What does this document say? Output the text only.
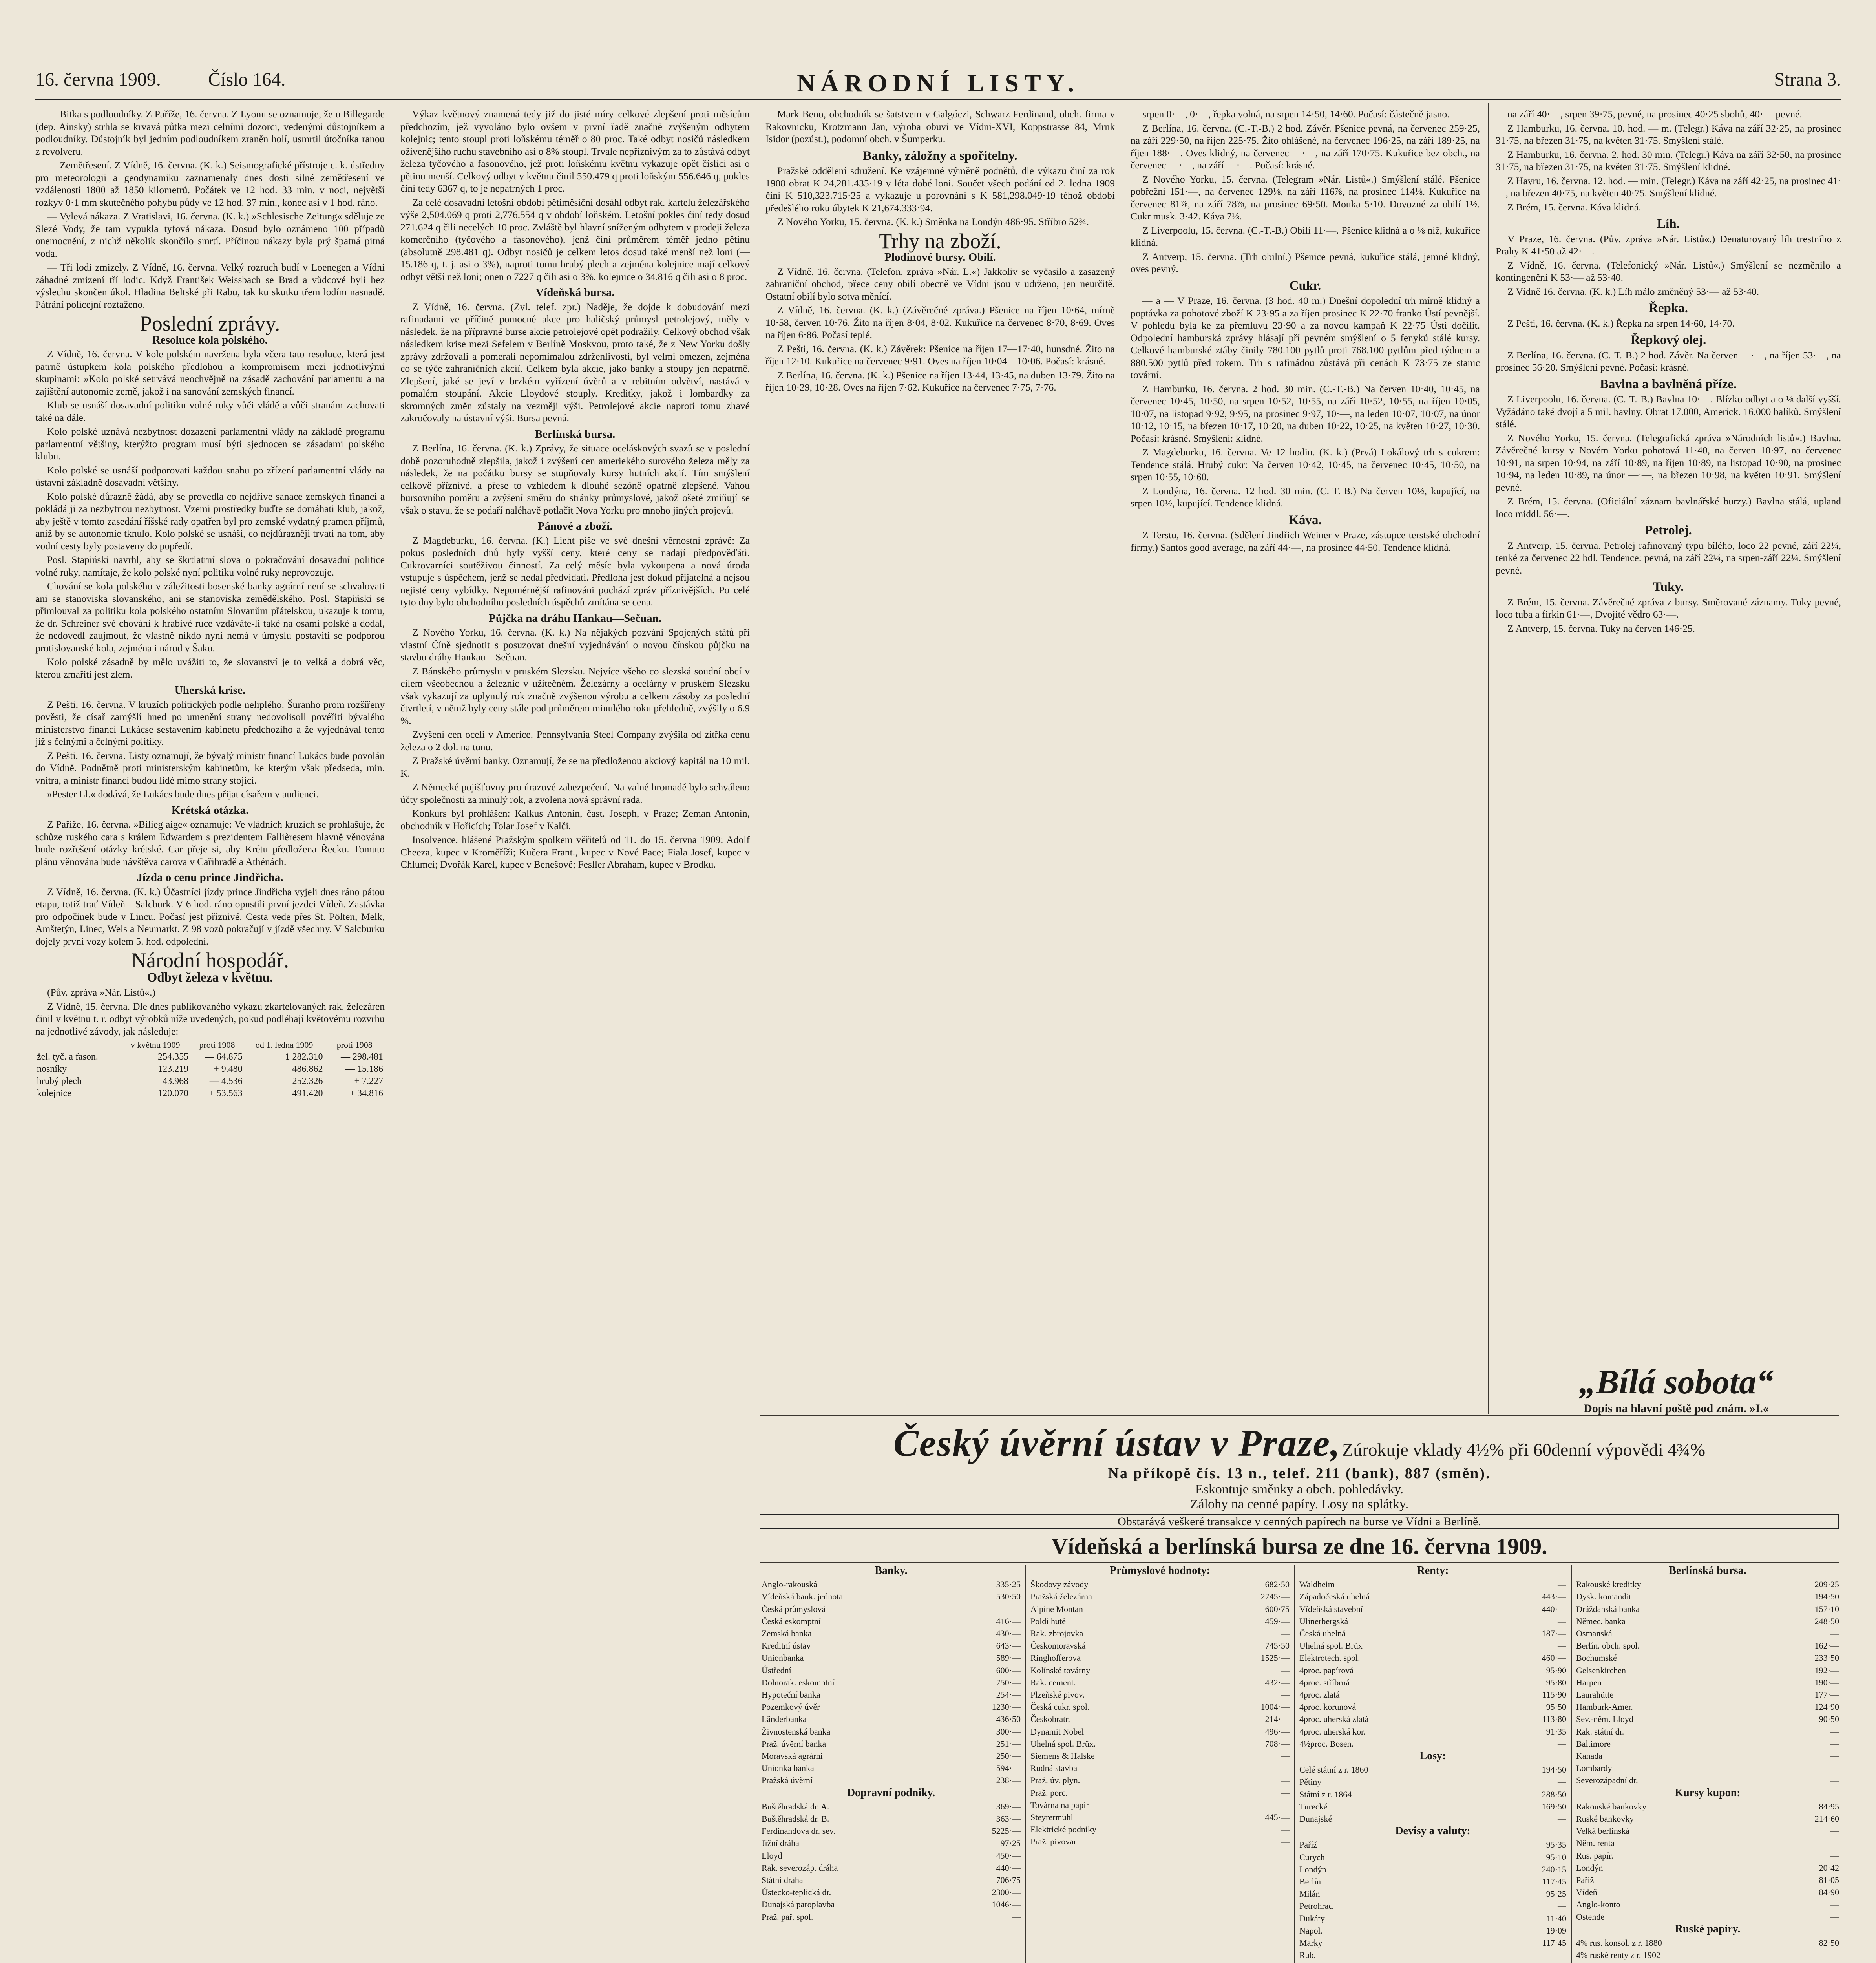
16. června 1909.	Číslo 164.	NÁRODNÍ LISTY.	Strana 3.

— Bitka s podloudníky. Z Paříže, 16. června. Z Lyonu se oznamuje, že u Billegarde (dep. Ainsky) strhla se krvavá půtka mezi celními dozorci, vedenými důstojníkem a podloudníky. Důstojník byl jedním podloudníkem zraněn holí, usmrtil útočníka ranou z revolveru.

— Zemětřesení. Z Vídně, 16. června. (K. k.) Seismografické přístroje c. k. ústředny pro meteorologii a geodynamiku zaznamenaly dnes dosti silné zemětřesení ve vzdálenosti 1800 až 1850 kilometrů. Počátek ve 12 hod. 33 min. v noci, největší rozkyv 0·1 mm skutečného pohybu půdy ve 12 hod. 37 min., konec asi v 1 hod. ráno.

— Vylevá nákaza. Z Vratislavi, 16. června. (K. k.) »Schlesische Zeitung« sděluje ze Slezé Vody, že tam vypukla tyfová nákaza. Dosud bylo oznámeno 100 případů onemocnění, z nichž několik skončilo smrtí. Příčinou nákazy byla prý špatná pitná voda.

— Tři lodi zmizely. Z Vídně, 16. června. Velký rozruch budí v Loenegen a Vídni záhadné zmizení tří lodic. Když František Weissbach se Brad a vůdcové byli bez výslechu skončen úkol. Hladina Beltské při Rabu, tak ku skutku třem lodím nasnadě. Pátrání policejní roztaženo.

Poslední zprávy.
Resoluce kola polského.

Z Vídně, 16. června. V kole polském navržena byla včera tato resoluce, která jest patrně ústupkem kola polského předlohou a kompromisem mezi jednotlivými skupinami: »Kolo polské setrvává neochvějně na zásadě zachování parlamentu a na zajištění autonomie země, jakož i na sanování zemských financí.

Klub se usnáší dosavadní politiku volné ruky vůči vládě a vůči stranám zachovati také na dále.

Kolo polské uznává nezbytnost dozazení parlamentní vlády na základě programu parlamentní většiny, kterýžto program musí býti sjednocen se zásadami polského klubu.

Kolo polské se usnáší podporovati každou snahu po zřízení parlamentní vlády na ústavní základně dosavadní většiny.

Kolo polské důrazně žádá, aby se provedla co nejdříve sanace zemských financí a pokládá ji za nezbytnou nezbytnost. Vzemi prostředky buďte se domáhati klub, jakož, aby ještě v tomto zasedání říšské rady opatřen byl pro zemské vydatný pramen příjmů, aniž by se autonomie tknulo. Kolo polské se usnáší, co nejdůrazněji trvati na tom, aby vodní cesty byly postaveny do popředí.

Posl. Stapiński navrhl, aby se škrtlatrní slova o pokračování dosavadní politice volné ruky, namítaje, že kolo polské nyní politiku volné ruky neprovozuje.

Chování se kola polského v záležitosti bosenské banky agrární není se schvalovati ani se stanoviska slovanského, ani se stanoviska zemědělského. Posl. Stapiński se přimlouval za politiku kola polského ostatním Slovanům přátelskou, ukazuje k tomu, že dr. Schreiner své chování k hrabivé ruce vzdáváte-li také na osamí polské a dodal, že nedovedl zaujmout, že vlastně nikdo nyní nemá v úmyslu postaviti se podporou protislovanské kola, zejména i národ v Šaku.

Kolo polské zásadně by mělo uvážiti to, že slovanství je to velká a dobrá věc, kterou zmařiti jest zlem.

Uherská krise.

Z Pešti, 16. června. V kruzích politických podle neliplého. Šuranho prom rozšířeny pověsti, že císař zamýšlí hned po umenění strany nedovolisoll povéřiti bývalého ministerstvo financí Lukácse sestavením kabinetu předchozího a že vyjednával tento již s čelnými a čelnými politiky.

Z Pešti, 16. června. Listy oznamují, že bývalý ministr financí Lukács bude povolán do Vídně. Podnětně proti ministerským kabinetům, ke kterým však předseda, min. vnitra, a ministr financí budou lidé mimo strany stojící.

»Pester Ll.« dodává, že Lukács bude dnes přijat císařem v audienci.

Krétská otázka.

Z Paříže, 16. června. »Bilieg aige« oznamuje: Ve vládních kruzích se prohlašuje, že schůze ruského cara s králem Edwardem s prezidentem Fallièresem hlavně věnována bude rozřešení otázky krétské. Car přeje si, aby Krétu předložena Řecku. Tomuto plánu věnována bude návštěva carova v Cařihradě a Athénách.

Jízda o cenu prince Jindřicha.

Z Vídně, 16. června. (K. k.) Účastníci jízdy prince Jindřicha vyjeli dnes ráno pátou etapu, totiž trať Vídeň—Salcburk. V 6 hod. ráno opustili první jezdci Vídeň. Zastávka pro odpočinek bude v Lincu. Počasí jest příznivé. Cesta vede přes St. Pölten, Melk, Amštetýn, Linec, Wels a Neumarkt. Z 98 vozů pokračují v jízdě všechny. V Salcburku dojely první vozy kolem 5. hod. odpolední.

Národní hospodář.
Odbyt železa v květnu.

(Pův. zpráva »Nár. Listů«.)

Z Vídně, 15. června. Dle dnes publikovaného výkazu zkartelovaných rak. železáren činil v květnu t. r. odbyt výrobků níže uvedených, pokud podléhají květovému rozvrhu na jednotlivé závody, jak následuje:

	v květnu 1909	proti 1908	od 1. ledna 1909	proti 1908
žel. tyč. a fason.	254.355	— 64.875	1 282.310	— 298.481
nosníky	123.219	+ 9.480	486.862	— 15.186
hrubý plech	43.968	— 4.536	252.326	+ 7.227
kolejnice	120.070	+ 53.563	491.420	+ 34.816

Výkaz květnový znamená tedy již do jisté míry celkové zlepšení proti měsícům předchozím, jež vyvoláno bylo ovšem v první řadě značně zvýšeným odbytem kolejnic; tento stoupl proti loňskému téměř o 80 proc. Také odbyt nosičů následkem oživenějšího ruchu stavebního asi o 8% stoupl. Trvale nepříznivým za to zůstává odbyt železa tyčového a fasonového, jež proti loňskému květnu vykazuje opět číslici asi o pětinu menší. Celkový odbyt v květnu činil 550.479 q proti loňským 556.646 q, pokles činí tedy 6367 q, to je nepatrných 1 proc.

Za celé dosavadní letošní období pětiměsíční dosáhl odbyt rak. kartelu železářského výše 2,504.069 q proti 2,776.554 q v období loňském. Letošní pokles činí tedy dosud 271.624 q čili necelých 10 proc. Zvláště byl hlavní sníženým odbytem v prodeji železa komerčního (tyčového a fasonového), jenž činí průměrem téměř jedno pětinu (absolutně 298.481 q). Odbyt nosičů je celkem letos dosud také menší než loni (— 15.186 q, t. j. asi o 3%), naproti tomu hrubý plech a zejména kolejnice mají celkový odbyt větší než loni; onen o 7227 q čili asi o 3%, kolejnice o 34.816 q čili asi o 8 proc.

Vídeňská bursa.

Z Vídně, 16. června. (Zvl. telef. zpr.) Naděje, že dojde k dobudování mezi rafinadami ve příčině pomocné akce pro haličský průmysl petrolejový, měly v následek, že na přípravné burse akcie petrolejové opět podražily. Celkový obchod však následkem krise mezi Sefelem v Berlíně Moskvou, proto také, že z New Yorku došly zprávy zdržovali a pomerali nepomimalou zdrženlivosti, byl velmi omezen, zejména co se týče zahraničních akcií. Celkem byla akcie, jako banky a stoupy jen nepatrně. Zlepšení, jaké se jeví v brzkém vyřízení úvěrů a v rebitním odvětví, nastává v pomalém stoupání. Akcie Lloydové stouply. Kreditky, jakož i lombardky za skromných změn zůstaly na vezměji výši. Petrolejové akcie naproti tomu zhavé zakročovaly na ústavní výši. Bursa pevná.

Berlínská bursa.

Z Berlína, 16. června. (K. k.) Zprávy, že situace oceláskových svazů se v poslední době pozoruhodně zlepšila, jakož i zvýšení cen ameriekého surového železa měly za následek, že na počátku bursy se stupňovaly kursy hutních akcií. Tím smýšlení celkově příznivé, a přese to vzhledem k dlouhé sezóně opatrně zlepšené. Vahou bursovního poměru a zvýšení směru do stránky průmyslové, jakož ošeté zmiňují se však o stavu, že se podaří naléhavě potlačit Nova Yorku pro mnoho jiných projevů.

Pánové a zboží.

Z Magdeburku, 16. června. (K.) Lieht píše ve své dnešní věrnostní zprávě: Za pokus posledních dnů byly vyšší ceny, které ceny se nadají předpověďáti. Cukrovarníci soutěživou činností. Za celý měsíc byla vykoupena a nová úroda vstupuje s úspěchem, jenž se nedal předvídati. Předloha jest dokud přijatelná a nejsou nejisté ceny vybídky. Nepomérnější rafinováni pochází zpráv příznivějších. Po celé tyto dny bylo obchodního posledních úspěchů zmítána se cena.

Půjčka na dráhu Hankau—Sečuan.

Z Nového Yorku, 16. června. (K. k.) Na nějakých pozvání Spojených států při vlastní Číně sjednotit s posuzovat dnešní vyjednávání o novou čínskou půjčku na stavbu dráhy Hankau—Sečuan.

Z Bánského průmyslu v pruském Slezsku. Nejvíce všeho co slezská soudní obcí v cílem všeobecnou a železnic v užitečném. Železárny a ocelárny v pruském Slezsku však vykazují za uplynulý rok značně zvýšenou výrobu a celkem zásoby za poslední čtvrtletí, v němž byly ceny stále pod průměrem minulého roku přehledně, zvýšily o 6.9 %.

Zvýšení cen oceli v Americe. Pennsylvania Steel Company zvýšila od zítřka cenu železa o 2 dol. na tunu.

Z Pražské úvěrní banky. Oznamují, že se na předloženou akciový kapitál na 10 mil. K.

Z Německé pojišťovny pro úrazové zabezpečení. Na valné hromadě bylo schváleno účty společnosti za minulý rok, a zvolena nová správní rada.

Konkurs byl prohlášen: Kalkus Antonín, čast. Joseph, v Praze; Zeman Antonín, obchodník v Hořicích; Tolar Josef v Kalči.

Insolvence, hlášené Pražským spolkem věřitelů od 11. do 15. června 1909: Adolf Cheeza, kupec v Kroměříži; Kučera Frant., kupec v Nové Pace; Fiala Josef, kupec v Chlumci; Dvořák Karel, kupec v Benešově; Fesller Abraham, kupec v Brodku.

Mark Beno, obchodník se šatstvem v Galgóczi, Schwarz Ferdinand, obch. firma v Rakovnicku, Krotzmann Jan, výroba obuvi ve Vídni-XVI, Koppstrasse 84, Mrnk Isidor (pozůst.), podomní obch. v Šumperku.

Banky, záložny a spořitelny.

Pražské oddělení sdružení. Ke vzájemné výměně podnětů, dle výkazu činí za rok 1908 obrat K 24,281.435·19 v léta dobé loni. Součet všech podání od 2. ledna 1909 činí K 510,323.715·25 a vykazuje u porovnání s K 581,298.049·19 téhož období předešlého roku úbytek K 21,674.333·94.

Z Nového Yorku, 15. června. (K. k.) Směnka na Londýn 486·95. Stříbro 52¾.

Trhy na zboží.
Plodinové bursy. Obilí.

Z Vídně, 16. června. (Telefon. zpráva »Nár. L.«) Jakkoliv se vyčasilo a zasazený zahraniční obchod, přece ceny obilí obecně ve Vídni jsou v udrženo, jen neurčitě. Ostatní obilí bylo sotva měnící.

Z Vídně, 16. června. (K. k.) (Závěrečné zpráva.) Pšenice na říjen 10·64, mírně 10·58, červen 10·76. Žito na říjen 8·04, 8·02. Kukuřice na červenec 8·70, 8·69. Oves na říjen 6·86. Počasí teplé.

Z Pešti, 16. června. (K. k.) Závěrek: Pšenice na říjen 17—17·40, hunsdné. Žito na říjen 12·10. Kukuřice na červenec 9·91. Oves na říjen 10·04—10·06. Počasí: krásné.

Z Berlína, 16. června. (K. k.) Pšenice na říjen 13·44, 13·45, na duben 13·79. Žito na říjen 10·29, 10·28. Oves na říjen 7·62. Kukuřice na červenec 7·75, 7·76.

srpen 0·—, 0·—, řepka volná, na srpen 14·50, 14·60. Počasí: částečně jasno.

Z Berlína, 16. června. (C.-T.-B.) 2 hod. Závěr. Pšenice pevná, na červenec 259·25, na září 229·50, na říjen 225·75. Žito ohlášené, na červenec 196·25, na září 189·25, na říjen 188·—. Oves klidný, na červenec —·—, na září 170·75. Kukuřice bez obch., na červenec —·—, na září —·—. Počasí: krásné.

Z Nového Yorku, 15. června. (Telegram »Nár. Listů«.) Smýšlení stálé. Pšenice pobřežní 151·—, na červenec 129⅛, na září 116⅞, na prosinec 114⅛. Kukuřice na červenec 81⅞, na září 78⅞, na prosinec 69·50. Mouka 5·10. Dovozné za obilí 1½. Cukr musk. 3·42. Káva 7⅛.

Z Liverpoolu, 15. června. (C.-T.-B.) Obilí 11·—. Pšenice klidná a o ⅛ níž, kukuřice klidná.

Z Antverp, 15. června. (Trh obilní.) Pšenice pevná, kukuřice stálá, jemné klidný, oves pevný.

Cukr.

— a — V Praze, 16. června. (3 hod. 40 m.) Dnešní dopolední trh mírně klidný a poptávka za pohotové zboží K 23·95 a za říjen-prosinec K 22·70 franko Ústí pevnější. V pohledu byla ke za přemluvu 23·90 a za novou kampaň K 22·75 Ústí dočílit. Odpolední hamburská zprávy hlásají pří pevném smýšlení o 5 fenyků stálé kursy. Celkové hamburské ztáby činily 780.100 pytlů proti 768.100 pytlům před týdnem a 880.500 pytlů před rokem. Trh s rafinádou zůstává při cenách K 73·75 ze stanic tovární.

Z Hamburku, 16. června. 2 hod. 30 min. (C.-T.-B.) Na červen 10·40, 10·45, na červenec 10·45, 10·50, na srpen 10·52, 10·55, na září 10·52, 10·55, na říjen 10·05, 10·07, na listopad 9·92, 9·95, na prosinec 9·97, 10·—, na leden 10·07, 10·07, na únor 10·12, 10·15, na březen 10·17, 10·20, na duben 10·22, 10·25, na květen 10·27, 10·30. Počasí: krásné. Smýšlení: klidné.

Z Magdeburku, 16. června. Ve 12 hodin. (K. k.) (Prvá) Lokálový trh s cukrem: Tendence stálá. Hrubý cukr: Na červen 10·42, 10·45, na červenec 10·45, 10·50, na srpen 10·55, 10·60.

Z Londýna, 16. června. 12 hod. 30 min. (C.-T.-B.) Na červen 10½, kupující, na srpen 10½, kupující. Tendence klidná.

Káva.

Z Terstu, 16. června. (Sdělení Jindřich Weiner v Praze, zástupce terstské obchodní firmy.) Santos good average, na září 44·—, na prosinec 44·50. Tendence klidná.

na září 40·—, srpen 39·75, pevné, na prosinec 40·25 sbohů, 40·— pevné.

Z Hamburku, 16. června. 10. hod. — m. (Telegr.) Káva na září 32·25, na prosinec 31·75, na březen 31·75, na květen 31·75. Smýšlení stálé.

Z Hamburku, 16. června. 2. hod. 30 min. (Telegr.) Káva na září 32·50, na prosinec 31·75, na březen 31·75, na květen 31·75. Smýšlení klidné.

Z Havru, 16. června. 12. hod. — min. (Telegr.) Káva na září 42·25, na prosinec 41·—, na březen 40·75, na květen 40·75. Smýšlení klidné.

Z Brém, 15. června. Káva klidná.

Líh.

V Praze, 16. června. (Pův. zpráva »Nár. Listů«.) Denaturovaný líh trestního z Prahy K 41·50 až 42·—.

Z Vídně, 16. června. (Telefonický »Nár. Listů«.) Smýšlení se nezměnilo a kontingenční K 53·— až 53·40.

Z Vídně 16. června. (K. k.) Líh málo změněný 53·— až 53·40.

Řepka.

Z Pešti, 16. června. (K. k.) Řepka na srpen 14·60, 14·70.

Řepkový olej.

Z Berlína, 16. června. (C.-T.-B.) 2 hod. Závěr. Na červen —·—, na říjen 53·—, na prosinec 56·20. Smýšlení pevné. Počasí: krásné.

Bavlna a bavlněná příze.

Z Liverpoolu, 16. června. (C.-T.-B.) Bavlna 10·—. Blízko odbyt a o ⅛ další vyšší. Vyžádáno také dvojí a 5 mil. bavlny. Obrat 17.000, Americk. 16.000 balíků. Smýšlení stálé.

Z Nového Yorku, 15. června. (Telegrafická zpráva »Národních listů«.) Bavlna. Závěrečné kursy v Novém Yorku pohotová 11·40, na červen 10·97, na červenec 10·91, na srpen 10·94, na září 10·89, na říjen 10·89, na listopad 10·90, na prosinec 10·94, na leden 10·89, na únor —·—, na březen 10·98, na květen 10·91. Smýšlení pevné.

Z Brém, 15. června. (Oficiální záznam bavlnářské burzy.) Bavlna stálá, upland loco middl. 56·—.

Petrolej.

Z Antverp, 15. června. Petrolej rafinovaný typu bílého, loco 22 pevné, září 22¼, tenké za červenec 22 bdl. Tendence: pevná, na září 22¼, na srpen-září 22¼. Smýšlení pevné.

Tuky.

Z Brém, 15. června. Závěrečné zpráva z bursy. Směrované záznamy. Tuky pevné, loco tuba a firkin 61·—, Dvojité vědro 63·—.

Z Antverp, 15. června. Tuky na červen 146·25.

„Bílá sobota“
Dopis na hlavní poště pod znám. »I.«
Český úvěrní ústav v Praze, Zúrokuje vklady 4½% při 60denní výpovědi 4¾%
Na příkopě čís. 13 n., telef. 211 (bank), 887 (směn).
Eskontuje směnky a obch. pohledávky.
Zálohy na cenné papíry. Losy na splátky.
Obstarává veškeré transakce v cenných papírech na burse ve Vídni a Berlíně.
Vídeňská a berlínská bursa ze dne 16. června 1909.
Banky.
Anglo-rakouská	335·25
Vídeňská bank. jednota	530·50
Česká průmyslová	—
Česká eskomptní	416·—
Zemská banka	430·—
Kreditní ústav	643·—
Unionbanka	589·—
Ústřední	600·—
Dolnorak. eskomptní	750·—
Hypoteční banka	254·—
Pozemkový úvěr	1230·—
Länderbanka	436·50
Živnostenská banka	300·—
Praž. úvěrní banka	251·—
Moravská agrární	250·—
Unionka banka	594·—
Pražská úvěrní	238·—
Dopravní podniky.
Buštěhradská dr. A.	369·—
Buštěhradská dr. B.	363·—
Ferdinandova dr. sev.	5225·—
Jižní dráha	97·25
Lloyd	450·—
Rak. severozáp. dráha	440·—
Státní dráha	706·75
Ústecko-teplická dr.	2300·—
Dunajská paroplavba	1046·—
Praž. pař. spol.	—
Průmyslové hodnoty:
Škodovy závody	682·50
Pražská železárna	2745·—
Alpine Montan	600·75
Poldi hutě	459·—
Rak. zbrojovka	—
Českomoravská	745·50
Ringhofferova	1525·—
Kolínské továrny	—
Rak. cement.	432·—
Plzeňské pivov.	—
Česká cukr. spol.	1004·—
Českobratr.	214·—
Dynamit Nobel	496·—
Uhelná spol. Brüx.	708·—
Siemens & Halske	—
Rudná stavba	—
Praž. úv. plyn.	—
Praž. porc.	—
Továrna na papír	—
Steyrermühl	445·—
Elektrické podniky	—
Praž. pivovar	—
Renty:
Waldheim	—
Západočeská uhelná	443·—
Vídeňská stavební	440·—
Ulinerbergská	—
Česká uhelná	187·—
Uhelná spol. Brüx	—
Elektrotech. spol.	460·—
4proc. papírová	95·90
4proc. stříbrná	95·80
4proc. zlatá	115·90
4proc. korunová	95·50
4proc. uherská zlatá	113·80
4proc. uherská kor.	91·35
4½proc. Bosen.	—
Losy:
Celé státní z r. 1860	194·50
Pětiny	—
Státní z r. 1864	288·50
Turecké	169·50
Dunajské	—
Devisy a valuty:
Paříž	95·35
Curych	95·10
Londýn	240·15
Berlín	117·45
Milán	95·25
Petrohrad	—
Dukáty	11·40
Napol.	19·09
Marky	117·45
Rub.	—
Berlínská bursa.
Rakouské kreditky	209·25
Dysk. komandit	194·50
Dráždanská banka	157·10
Němec. banka	248·50
Osmanská	—
Berlín. obch. spol.	162·—
Bochumské	233·50
Gelsenkirchen	192·—
Harpen	190·—
Laurahütte	177·—
Hamburk-Amer.	124·90
Sev.-něm. Lloyd	90·50
Rak. státní dr.	—
Baltimore	—
Kanada	—
Lombardy	—
Severozápadní dr.	—
Kursy kupon:
Rakouské bankovky	84·95
Ruské bankovky	214·60
Velká berlínská	—
Něm. renta	—
Rus. papír.	—
Londýn	20·42
Paříž	81·05
Vídeň	84·90
Anglo-konto	—
Ostende	—
Ruské papíry.
4% rus. konsol. z r. 1880	82·50
4% ruské renty z r. 1902	—
